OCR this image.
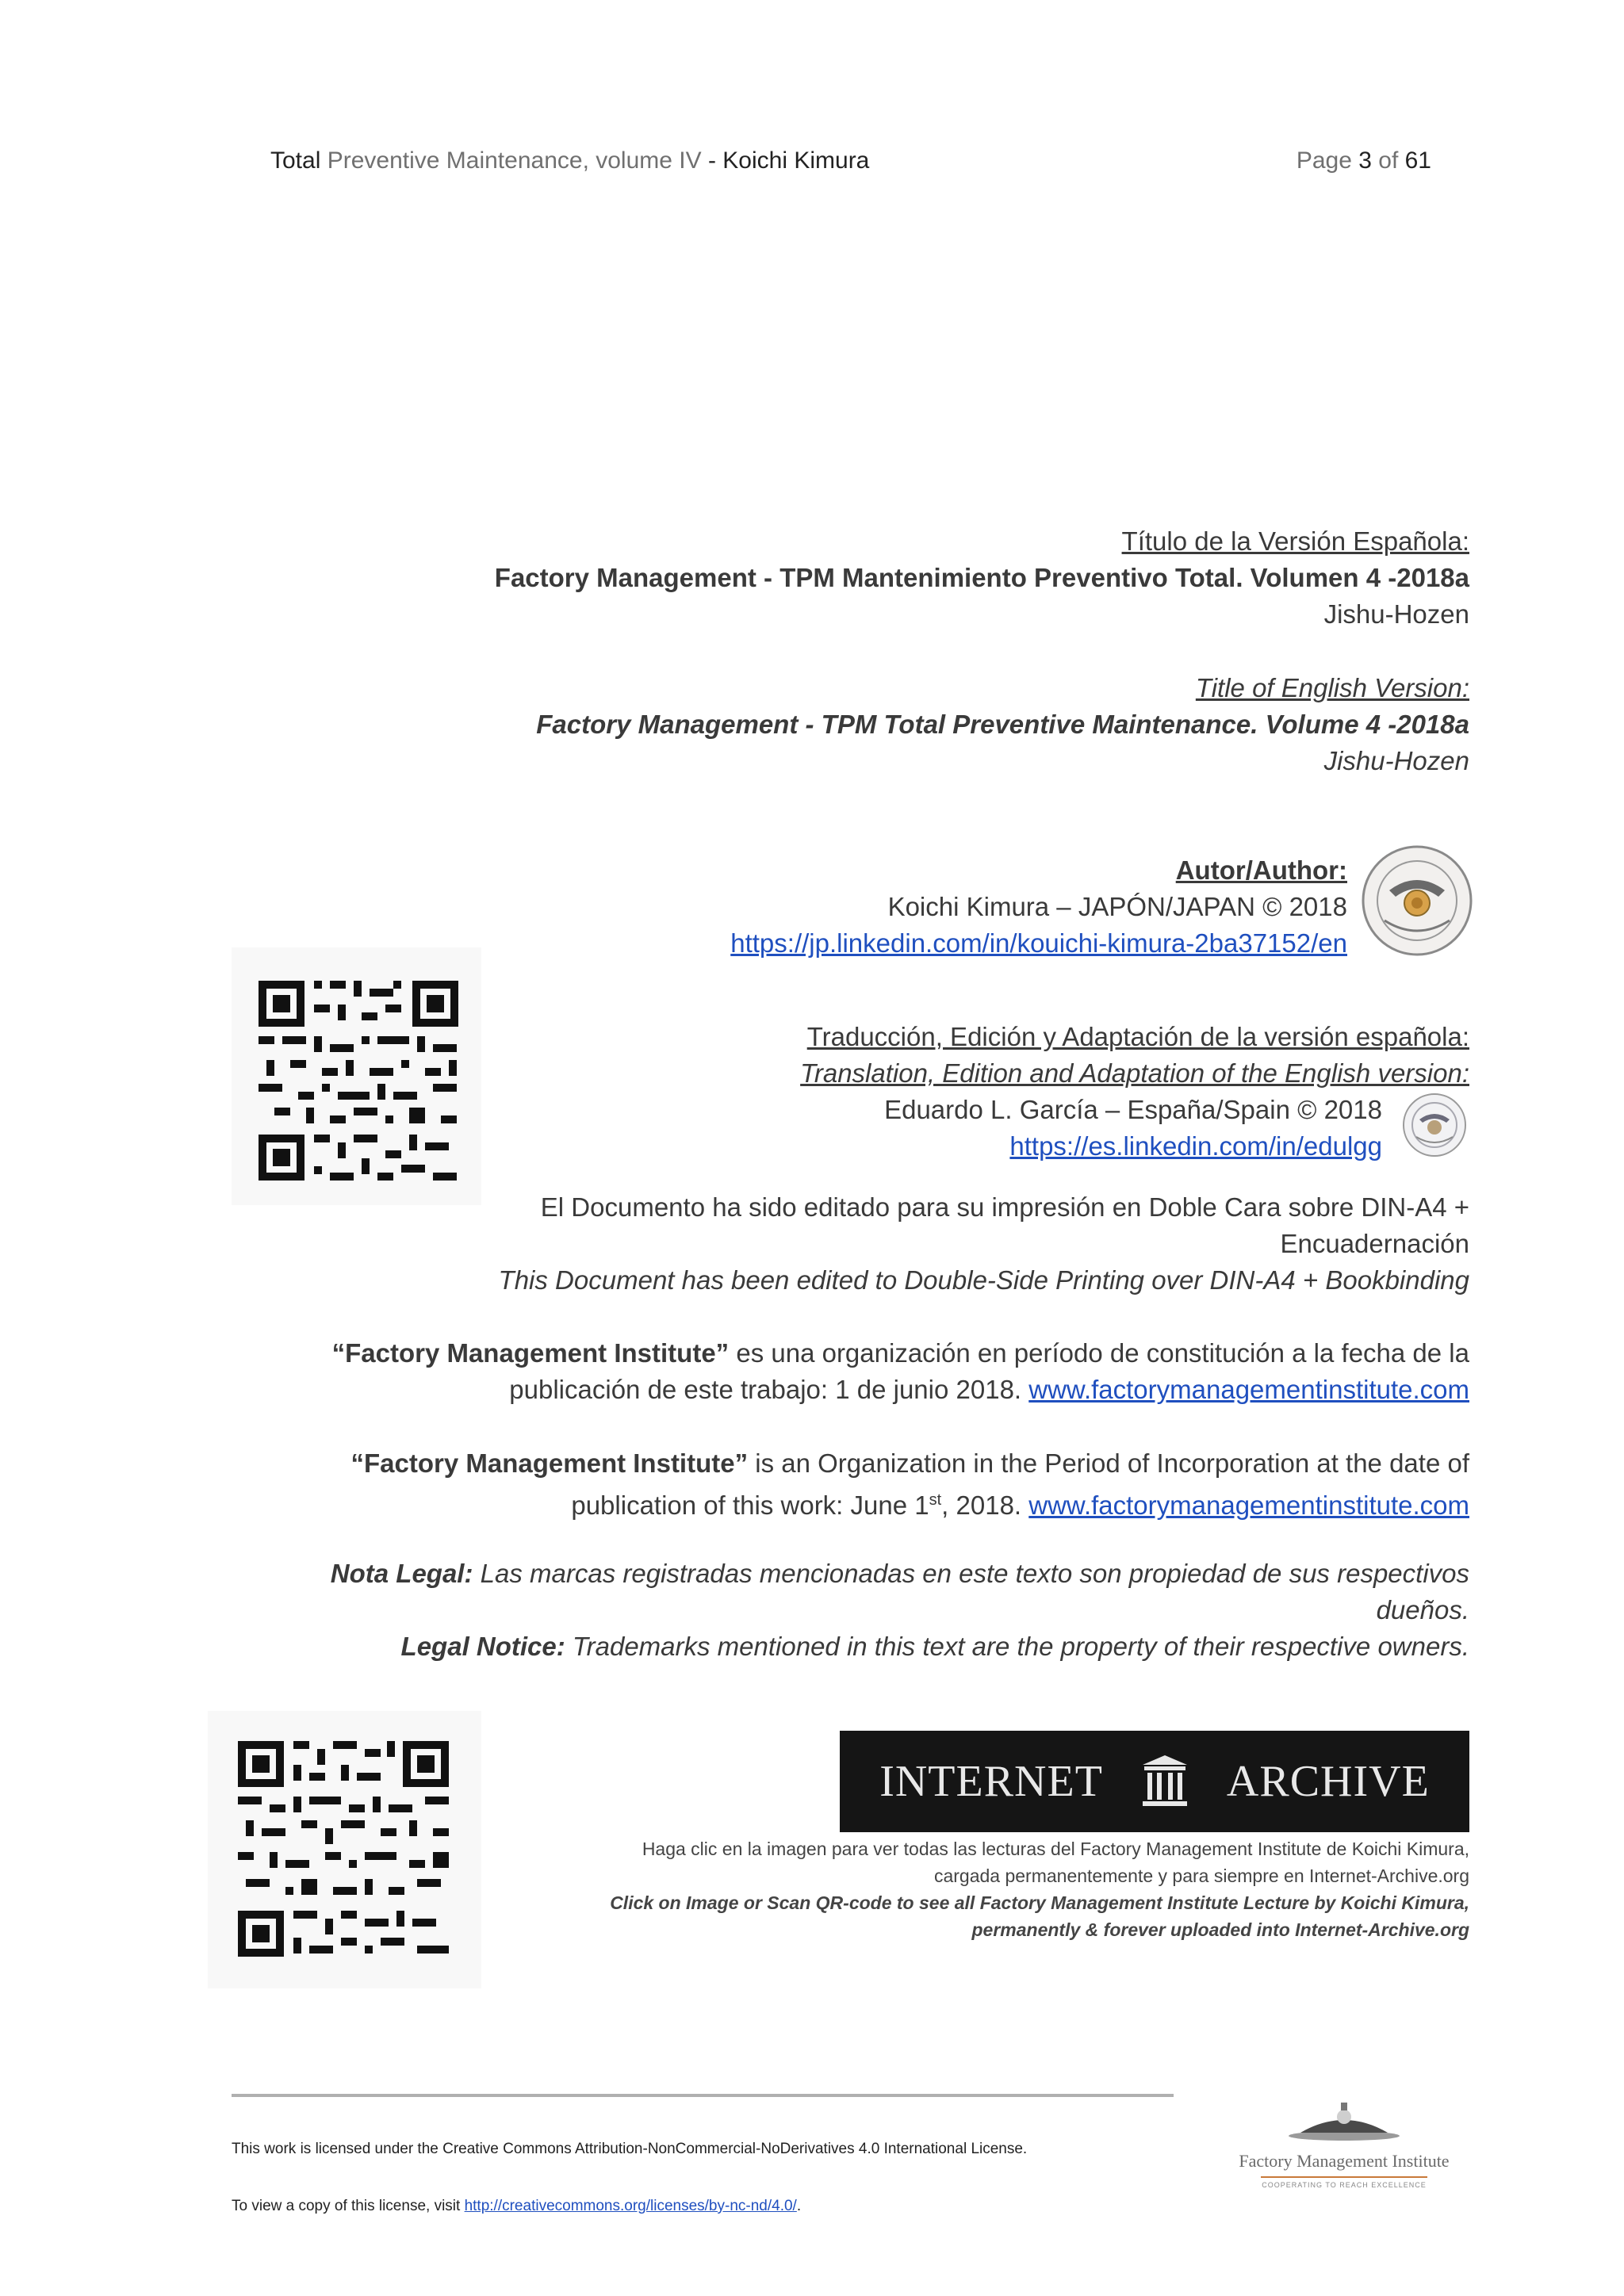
Total Preventive Maintenance, volume IV - Koichi Kimura	Page 3 of 61
Título de la Versión Española:
Factory Management - TPM Mantenimiento Preventivo Total. Volumen 4 -2018a
Jishu-Hozen
Title of English Version:
Factory Management - TPM Total Preventive Maintenance. Volume 4 -2018a
Jishu-Hozen
Autor/Author:
Koichi Kimura – JAPÓN/JAPAN © 2018
https://jp.linkedin.com/in/kouichi-kimura-2ba37152/en
Traducción, Edición y Adaptación de la versión española:
Translation, Edition and Adaptation of the English version:
Eduardo L. García – España/Spain © 2018
https://es.linkedin.com/in/edulgg
El Documento ha sido editado para su impresión en Doble Cara sobre DIN-A4 +
Encuadernación
This Document has been edited to Double-Side Printing over DIN-A4 + Bookbinding
“Factory Management Institute” es una organización en período de constitución a la fecha de la
publicación de este trabajo: 1 de junio 2018. www.factorymanagementinstitute.com
“Factory Management Institute” is an Organization in the Period of Incorporation at the date of
publication of this work: June 1st, 2018. www.factorymanagementinstitute.com
Nota Legal: Las marcas registradas mencionadas en este texto son propiedad de sus respectivos
dueños.
Legal Notice: Trademarks mentioned in this text are the property of their respective owners.
INTERNET	ARCHIVE
Haga clic en la imagen para ver todas las lecturas del Factory Management Institute de Koichi Kimura,
cargada permanentemente y para siempre en Internet-Archive.org
Click on Image or Scan QR-code to see all Factory Management Institute Lecture by Koichi Kimura,
permanently & forever uploaded into Internet-Archive.org
This work is licensed under the Creative Commons Attribution-NonCommercial-NoDerivatives 4.0 International License.
To view a copy of this license, visit http://creativecommons.org/licenses/by-nc-nd/4.0/.
Factory Management Institute
COOPERATING TO REACH EXCELLENCE
